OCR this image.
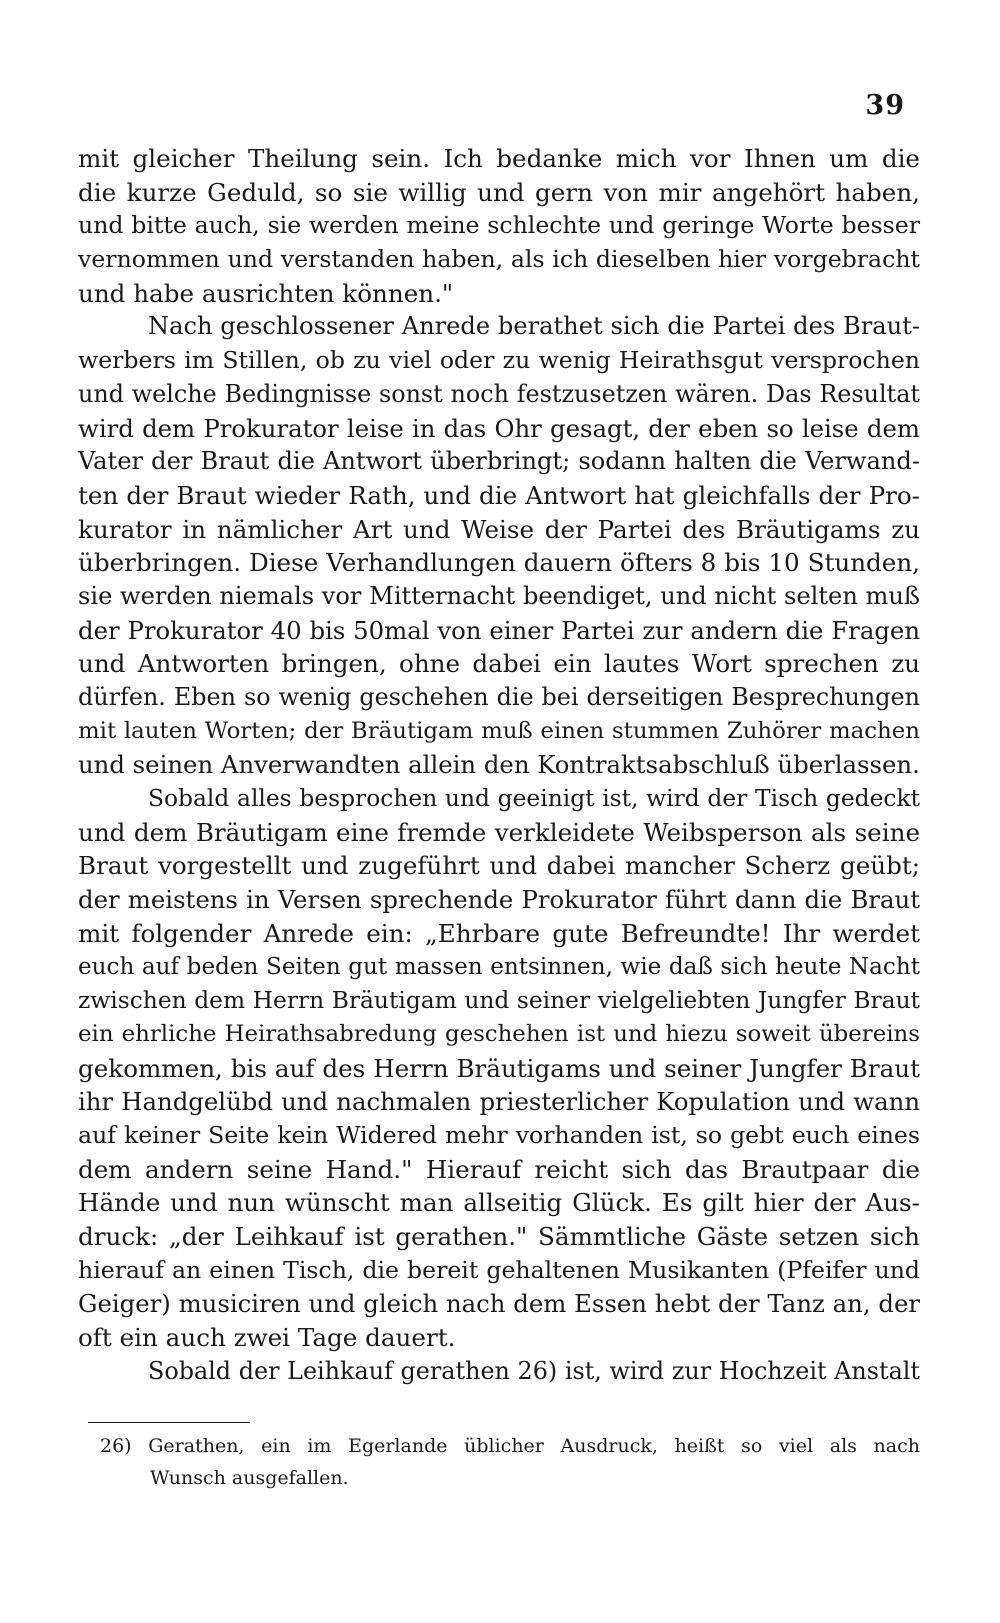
39
mit gleicher Theilung sein. Ich bedanke mich vor Ihnen um die
die kurze Geduld, so sie willig und gern von mir angehört haben,
und bitte auch, sie werden meine schlechte und geringe Worte besser
vernommen und verstanden haben, als ich dieselben hier vorgebracht
und habe ausrichten können."
Nach geschlossener Anrede berathet sich die Partei des Braut-
werbers im Stillen, ob zu viel oder zu wenig Heirathsgut versprochen
und welche Bedingnisse sonst noch festzusetzen wären. Das Resultat
wird dem Prokurator leise in das Ohr gesagt, der eben so leise dem
Vater der Braut die Antwort überbringt; sodann halten die Verwand-
ten der Braut wieder Rath, und die Antwort hat gleichfalls der Pro-
kurator in nämlicher Art und Weise der Partei des Bräutigams zu
überbringen. Diese Verhandlungen dauern öfters 8 bis 10 Stunden,
sie werden niemals vor Mitternacht beendiget, und nicht selten muß
der Prokurator 40 bis 50mal von einer Partei zur andern die Fragen
und Antworten bringen, ohne dabei ein lautes Wort sprechen zu
dürfen. Eben so wenig geschehen die bei derseitigen Besprechungen
mit lauten Worten; der Bräutigam muß einen stummen Zuhörer machen
und seinen Anverwandten allein den Kontraktsabschluß überlassen.
Sobald alles besprochen und geeinigt ist, wird der Tisch gedeckt
und dem Bräutigam eine fremde verkleidete Weibsperson als seine
Braut vorgestellt und zugeführt und dabei mancher Scherz geübt;
der meistens in Versen sprechende Prokurator führt dann die Braut
mit folgender Anrede ein: „Ehrbare gute Befreundte! Ihr werdet
euch auf beden Seiten gut massen entsinnen, wie daß sich heute Nacht
zwischen dem Herrn Bräutigam und seiner vielgeliebten Jungfer Braut
ein ehrliche Heirathsabredung geschehen ist und hiezu soweit übereins
gekommen, bis auf des Herrn Bräutigams und seiner Jungfer Braut
ihr Handgelübd und nachmalen priesterlicher Kopulation und wann
auf keiner Seite kein Widered mehr vorhanden ist, so gebt euch eines
dem andern seine Hand." Hierauf reicht sich das Brautpaar die
Hände und nun wünscht man allseitig Glück. Es gilt hier der Aus-
druck: „der Leihkauf ist gerathen." Sämmtliche Gäste setzen sich
hierauf an einen Tisch, die bereit gehaltenen Musikanten (Pfeifer und
Geiger) musiciren und gleich nach dem Essen hebt der Tanz an, der
oft ein auch zwei Tage dauert.
Sobald der Leihkauf gerathen 26) ist, wird zur Hochzeit Anstalt
26) Gerathen, ein im Egerlande üblicher Ausdruck, heißt so viel als nach
Wunsch ausgefallen.
